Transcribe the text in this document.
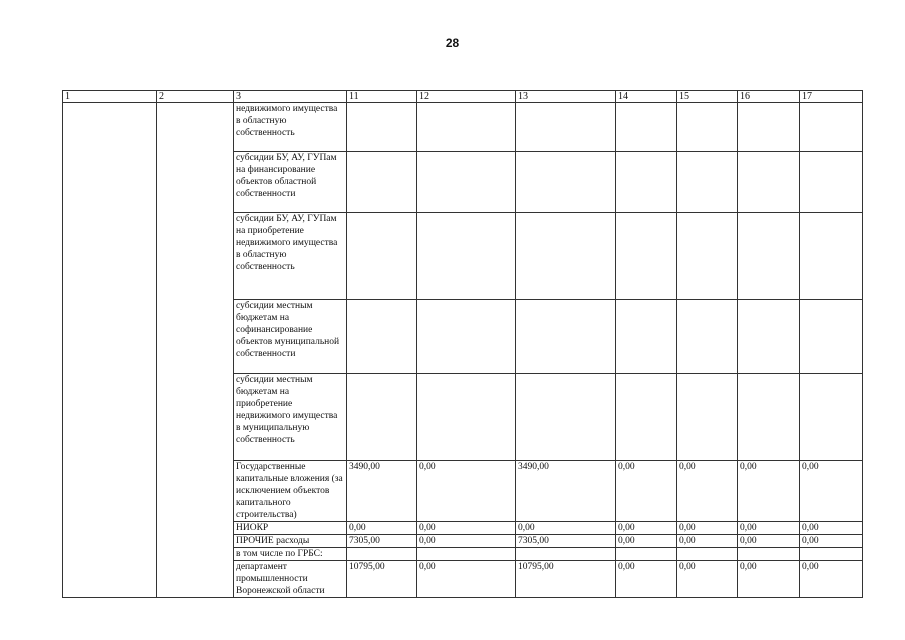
28
1	2	3	11	12	13	14	15	16	17
		недвижимого имущества в областную собственность							
		субсидии БУ, АУ, ГУПам на финансирование объектов областной собственности							
		субсидии БУ, АУ, ГУПам на приобретение недвижимого имущества в областную собственность							
		субсидии местным бюджетам на софинансирование объектов муниципальной собственности							
		субсидии местным бюджетам на приобретение недвижимого имущества в муниципальную собственность							
		Государственные капитальные вложения (за исключением объектов капитального строительства)	3490,00	0,00	3490,00	0,00	0,00	0,00	0,00
		НИОКР	0,00	0,00	0,00	0,00	0,00	0,00	0,00
		ПРОЧИЕ расходы	7305,00	0,00	7305,00	0,00	0,00	0,00	0,00
		в том числе по ГРБС:							
		департамент промышленности Воронежской области	10795,00	0,00	10795,00	0,00	0,00	0,00	0,00
